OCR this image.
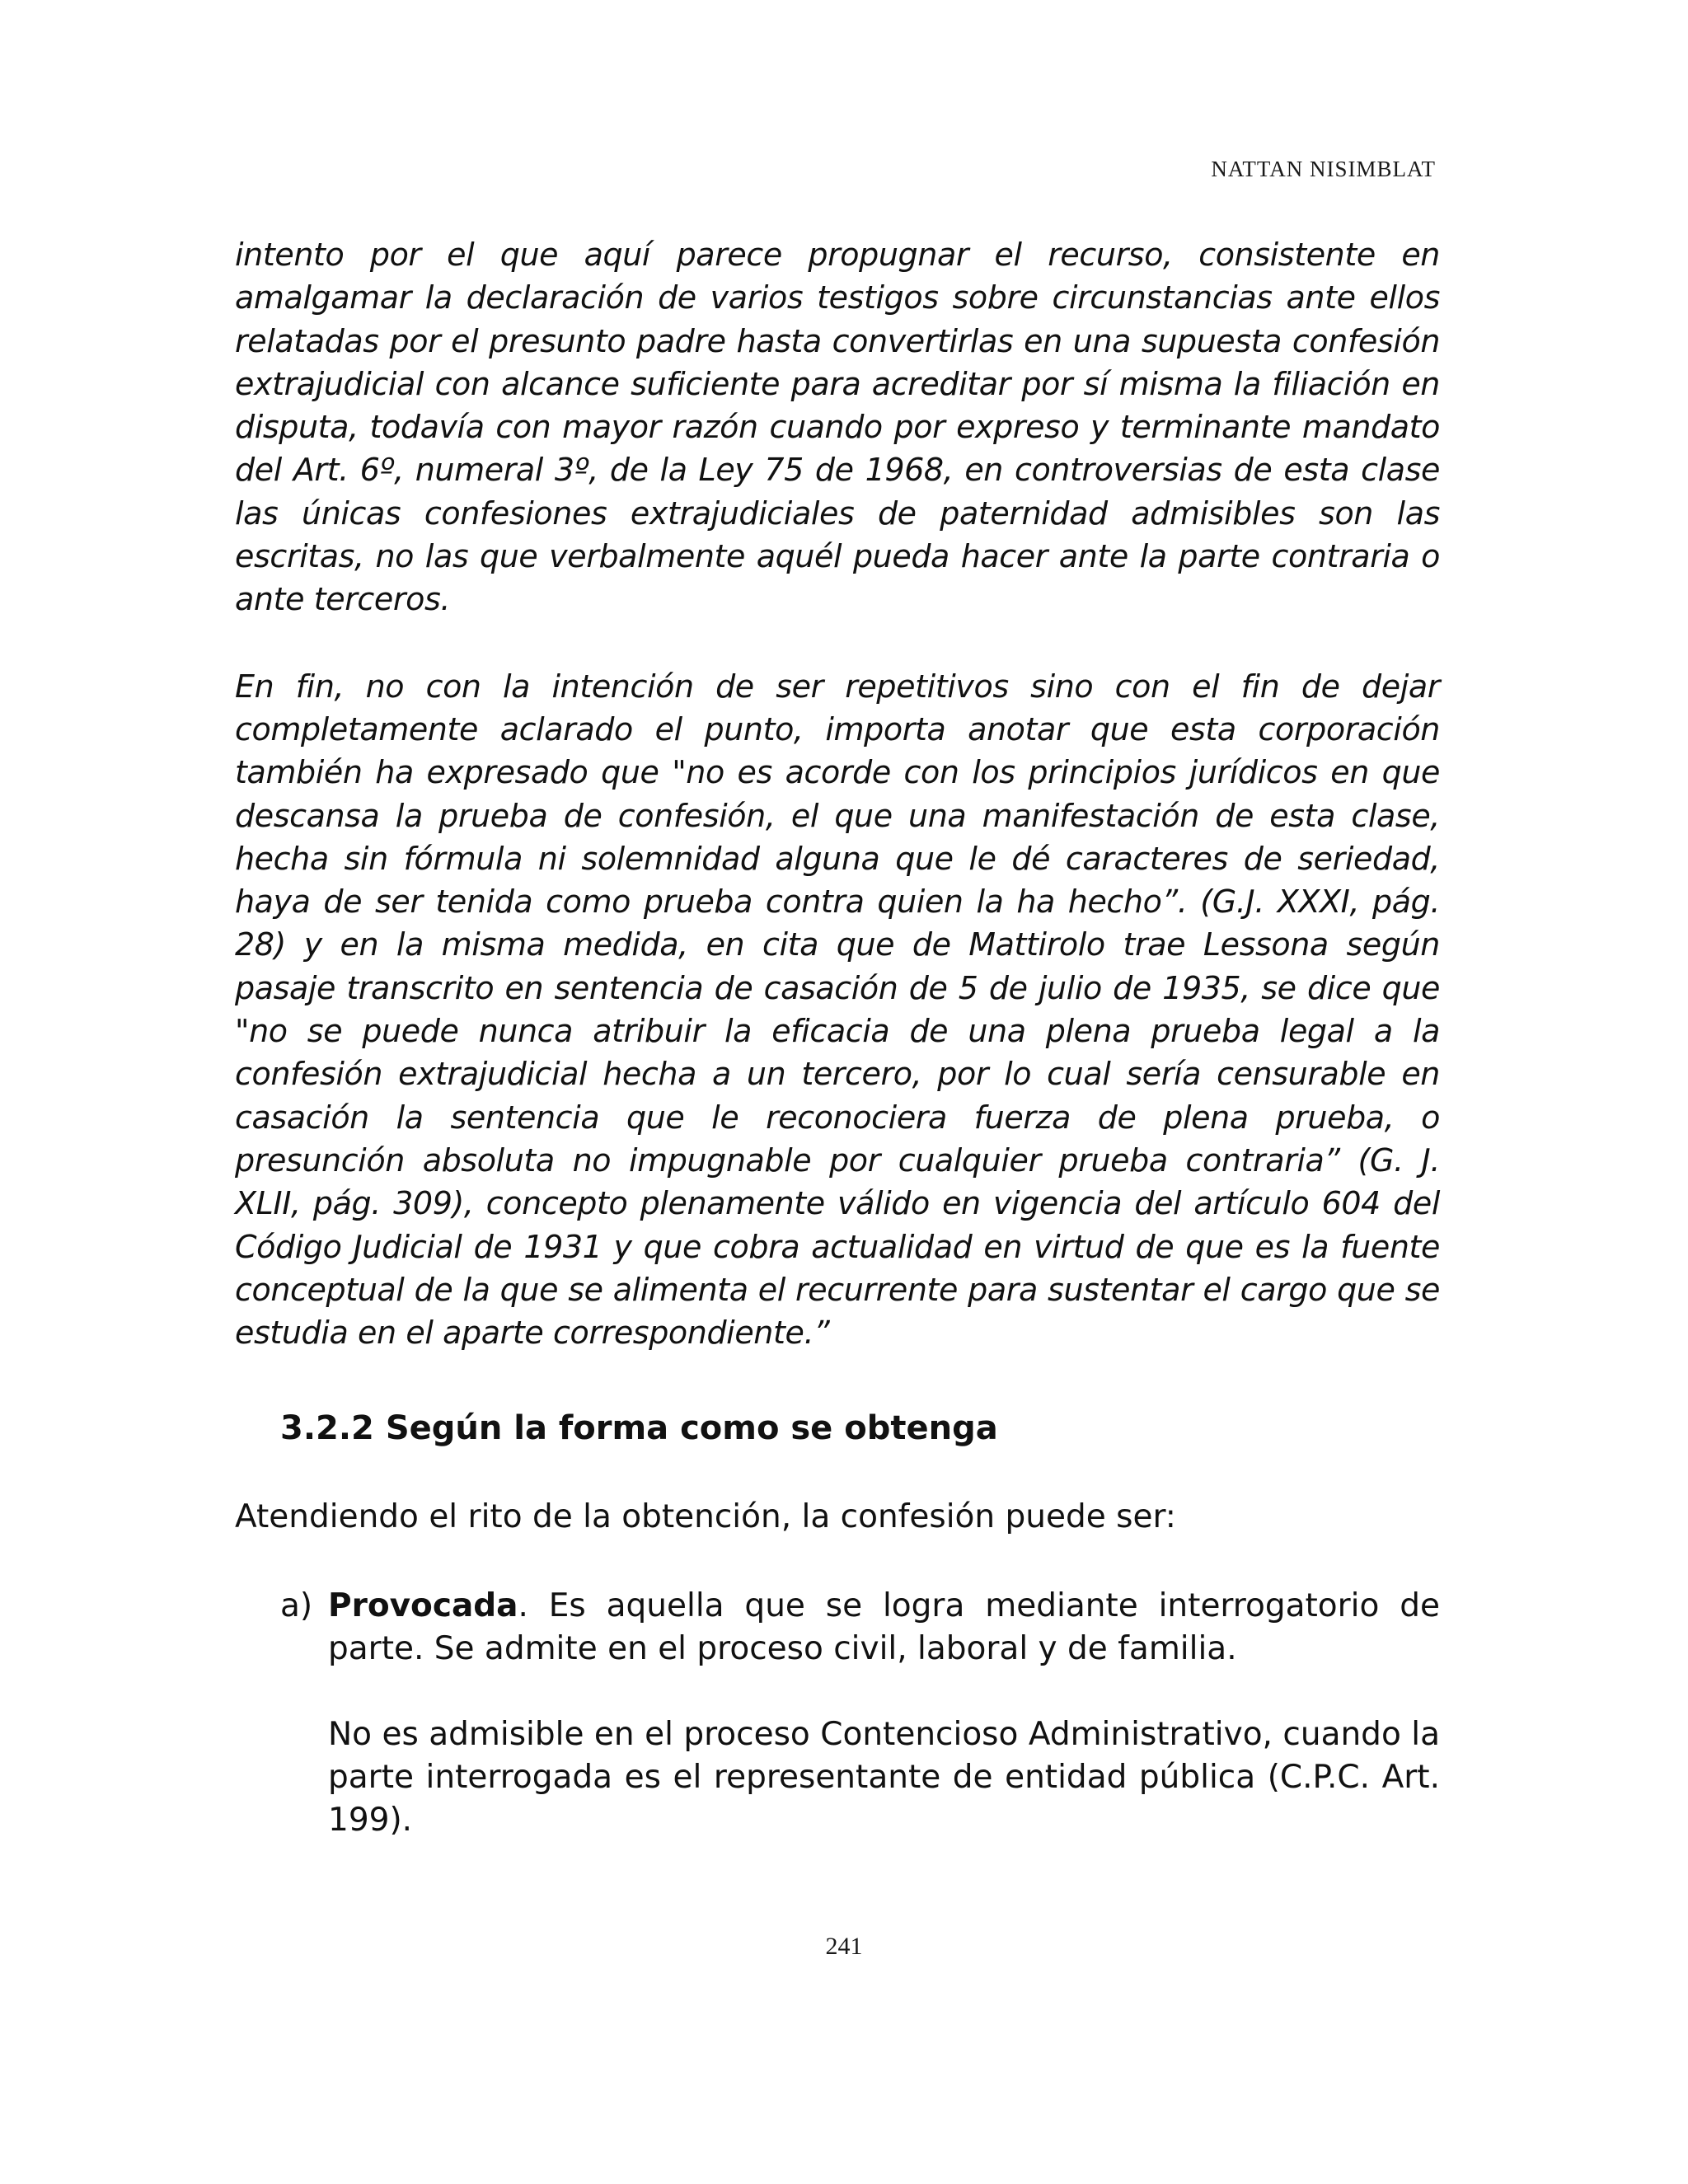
NATTAN NISIMBLAT

intento por el que aquí parece propugnar el recurso, consistente en amalgamar la declaración de varios testigos sobre circunstancias ante ellos relatadas por el presunto padre hasta convertirlas en una supuesta confesión extrajudicial con alcance suficiente para acreditar por sí misma la filiación en disputa, todavía con mayor razón cuando por expreso y terminante mandato del Art. 6º, numeral 3º, de la Ley 75 de 1968, en controversias de esta clase las únicas confesiones extrajudiciales de paternidad admisibles son las escritas, no las que verbalmente aquél pueda hacer ante la parte contraria o ante terceros.

En fin, no con la intención de ser repetitivos sino con el fin de dejar completamente aclarado el punto, importa anotar que esta corporación también ha expresado que "no es acorde con los principios jurídicos en que descansa la prueba de confesión, el que una manifestación de esta clase, hecha sin fórmula ni solemnidad alguna que le dé caracteres de seriedad, haya de ser tenida como prueba contra quien la ha hecho”. (G.J. XXXI, pág. 28) y en la misma medida, en cita que de Mattirolo trae Lessona según pasaje transcrito en sentencia de casación de 5 de julio de 1935, se dice que "no se puede nunca atribuir la eficacia de una plena prueba legal a la confesión extrajudicial hecha a un tercero, por lo cual sería censurable en casación la sentencia que le reconociera fuerza de plena prueba, o presunción absoluta no impugnable por cualquier prueba contraria” (G. J. XLII, pág. 309), concepto plenamente válido en vigencia del artículo 604 del Código Judicial de 1931 y que cobra actualidad en virtud de que es la fuente conceptual de la que se alimenta el recurrente para sustentar el cargo que se estudia en el aparte correspondiente.”

3.2.2 Según la forma como se obtenga

Atendiendo el rito de la obtención, la confesión puede ser:

a) Provocada. Es aquella que se logra mediante interrogatorio de parte. Se admite en el proceso civil, laboral y de familia.

No es admisible en el proceso Contencioso Administrativo, cuando la parte interrogada es el representante de entidad pública (C.P.C. Art. 199).

241
